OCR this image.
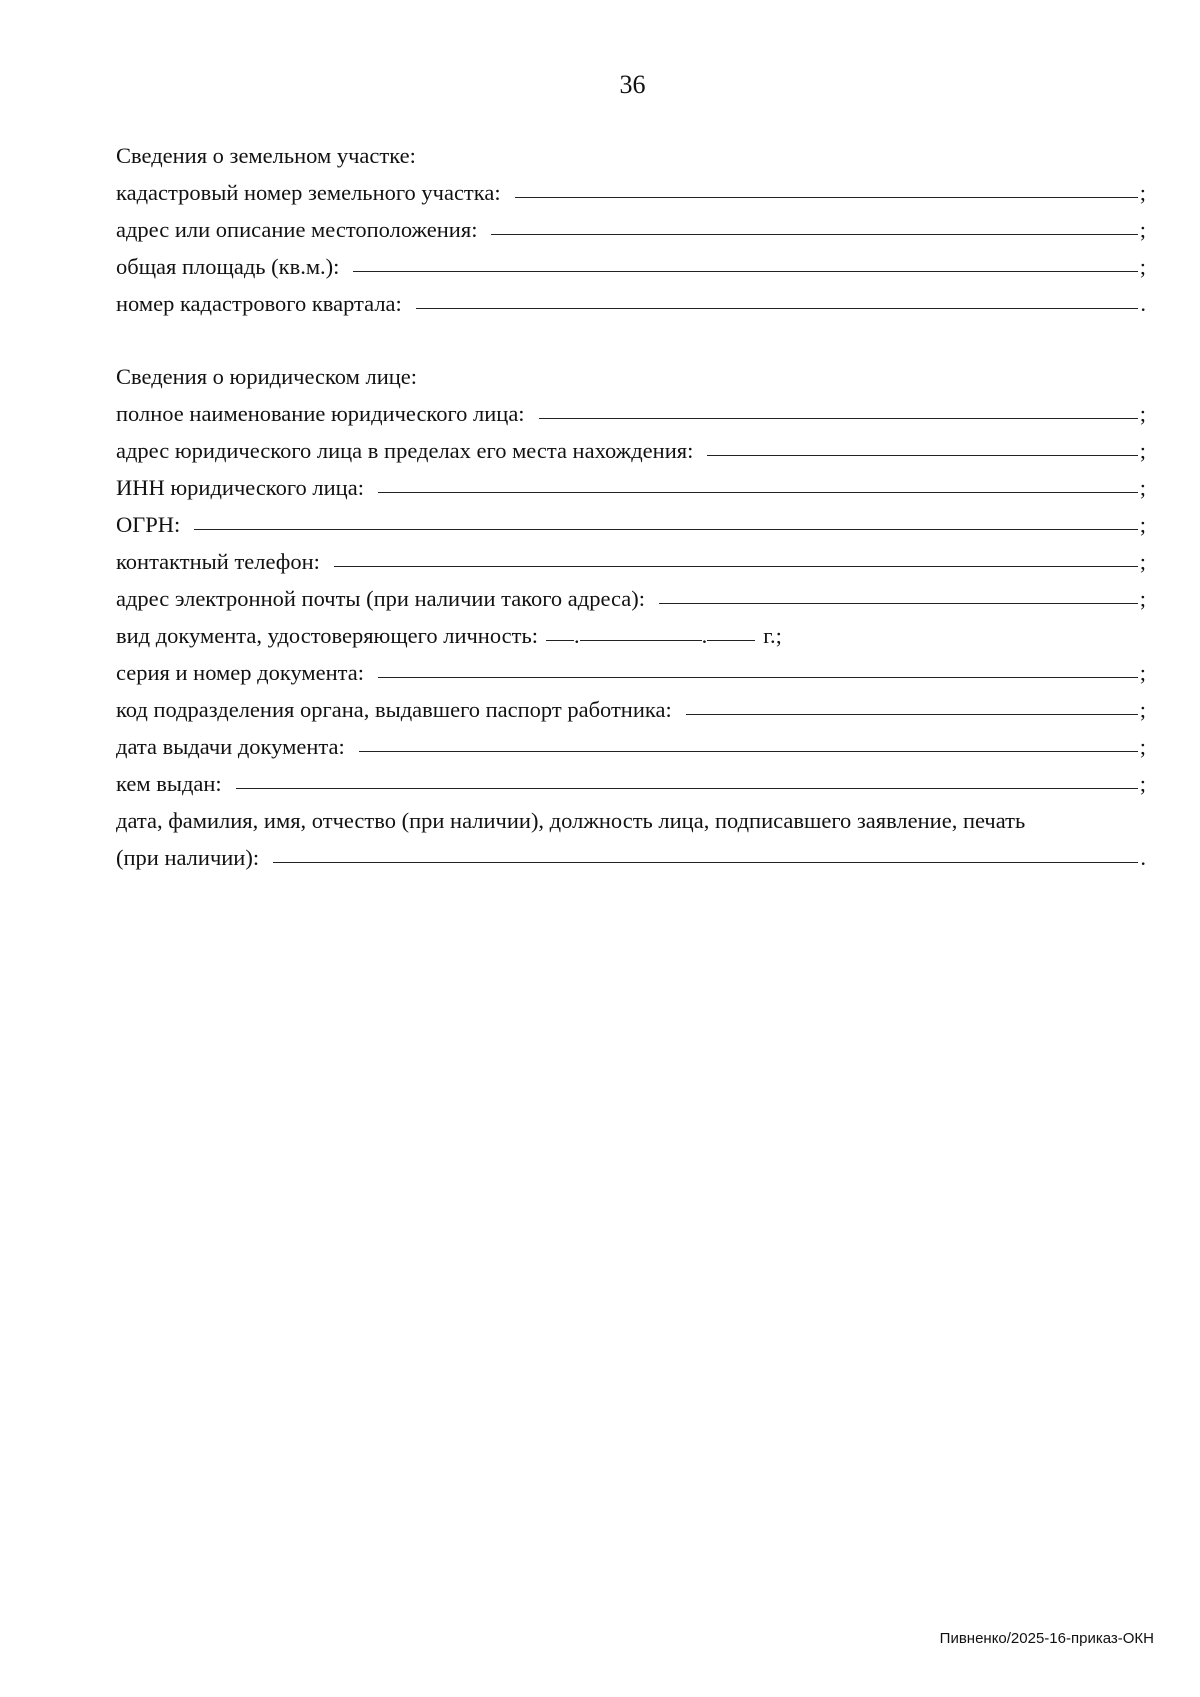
36
Сведения о земельном участке:
кадастровый номер земельного участка:	;
адрес или описание местоположения:	;
общая площадь (кв.м.):	;
номер кадастрового квартала:	.
Сведения о юридическом лице:
полное наименование юридического лица:	;
адрес юридического лица в пределах его места нахождения:	;
ИНН юридического лица:	;
ОГРН:	;
контактный телефон:	;
адрес электронной почты (при наличии такого адреса):	;
вид документа, удостоверяющего личность: .	. г.;
серия и номер документа:	;
код подразделения органа, выдавшего паспорт работника:	;
дата выдачи документа:	;
кем выдан:	;
дата, фамилия, имя, отчество (при наличии), должность лица, подписавшего заявление, печать
(при наличии):	.
Пивненко/2025-16-приказ-ОКН
